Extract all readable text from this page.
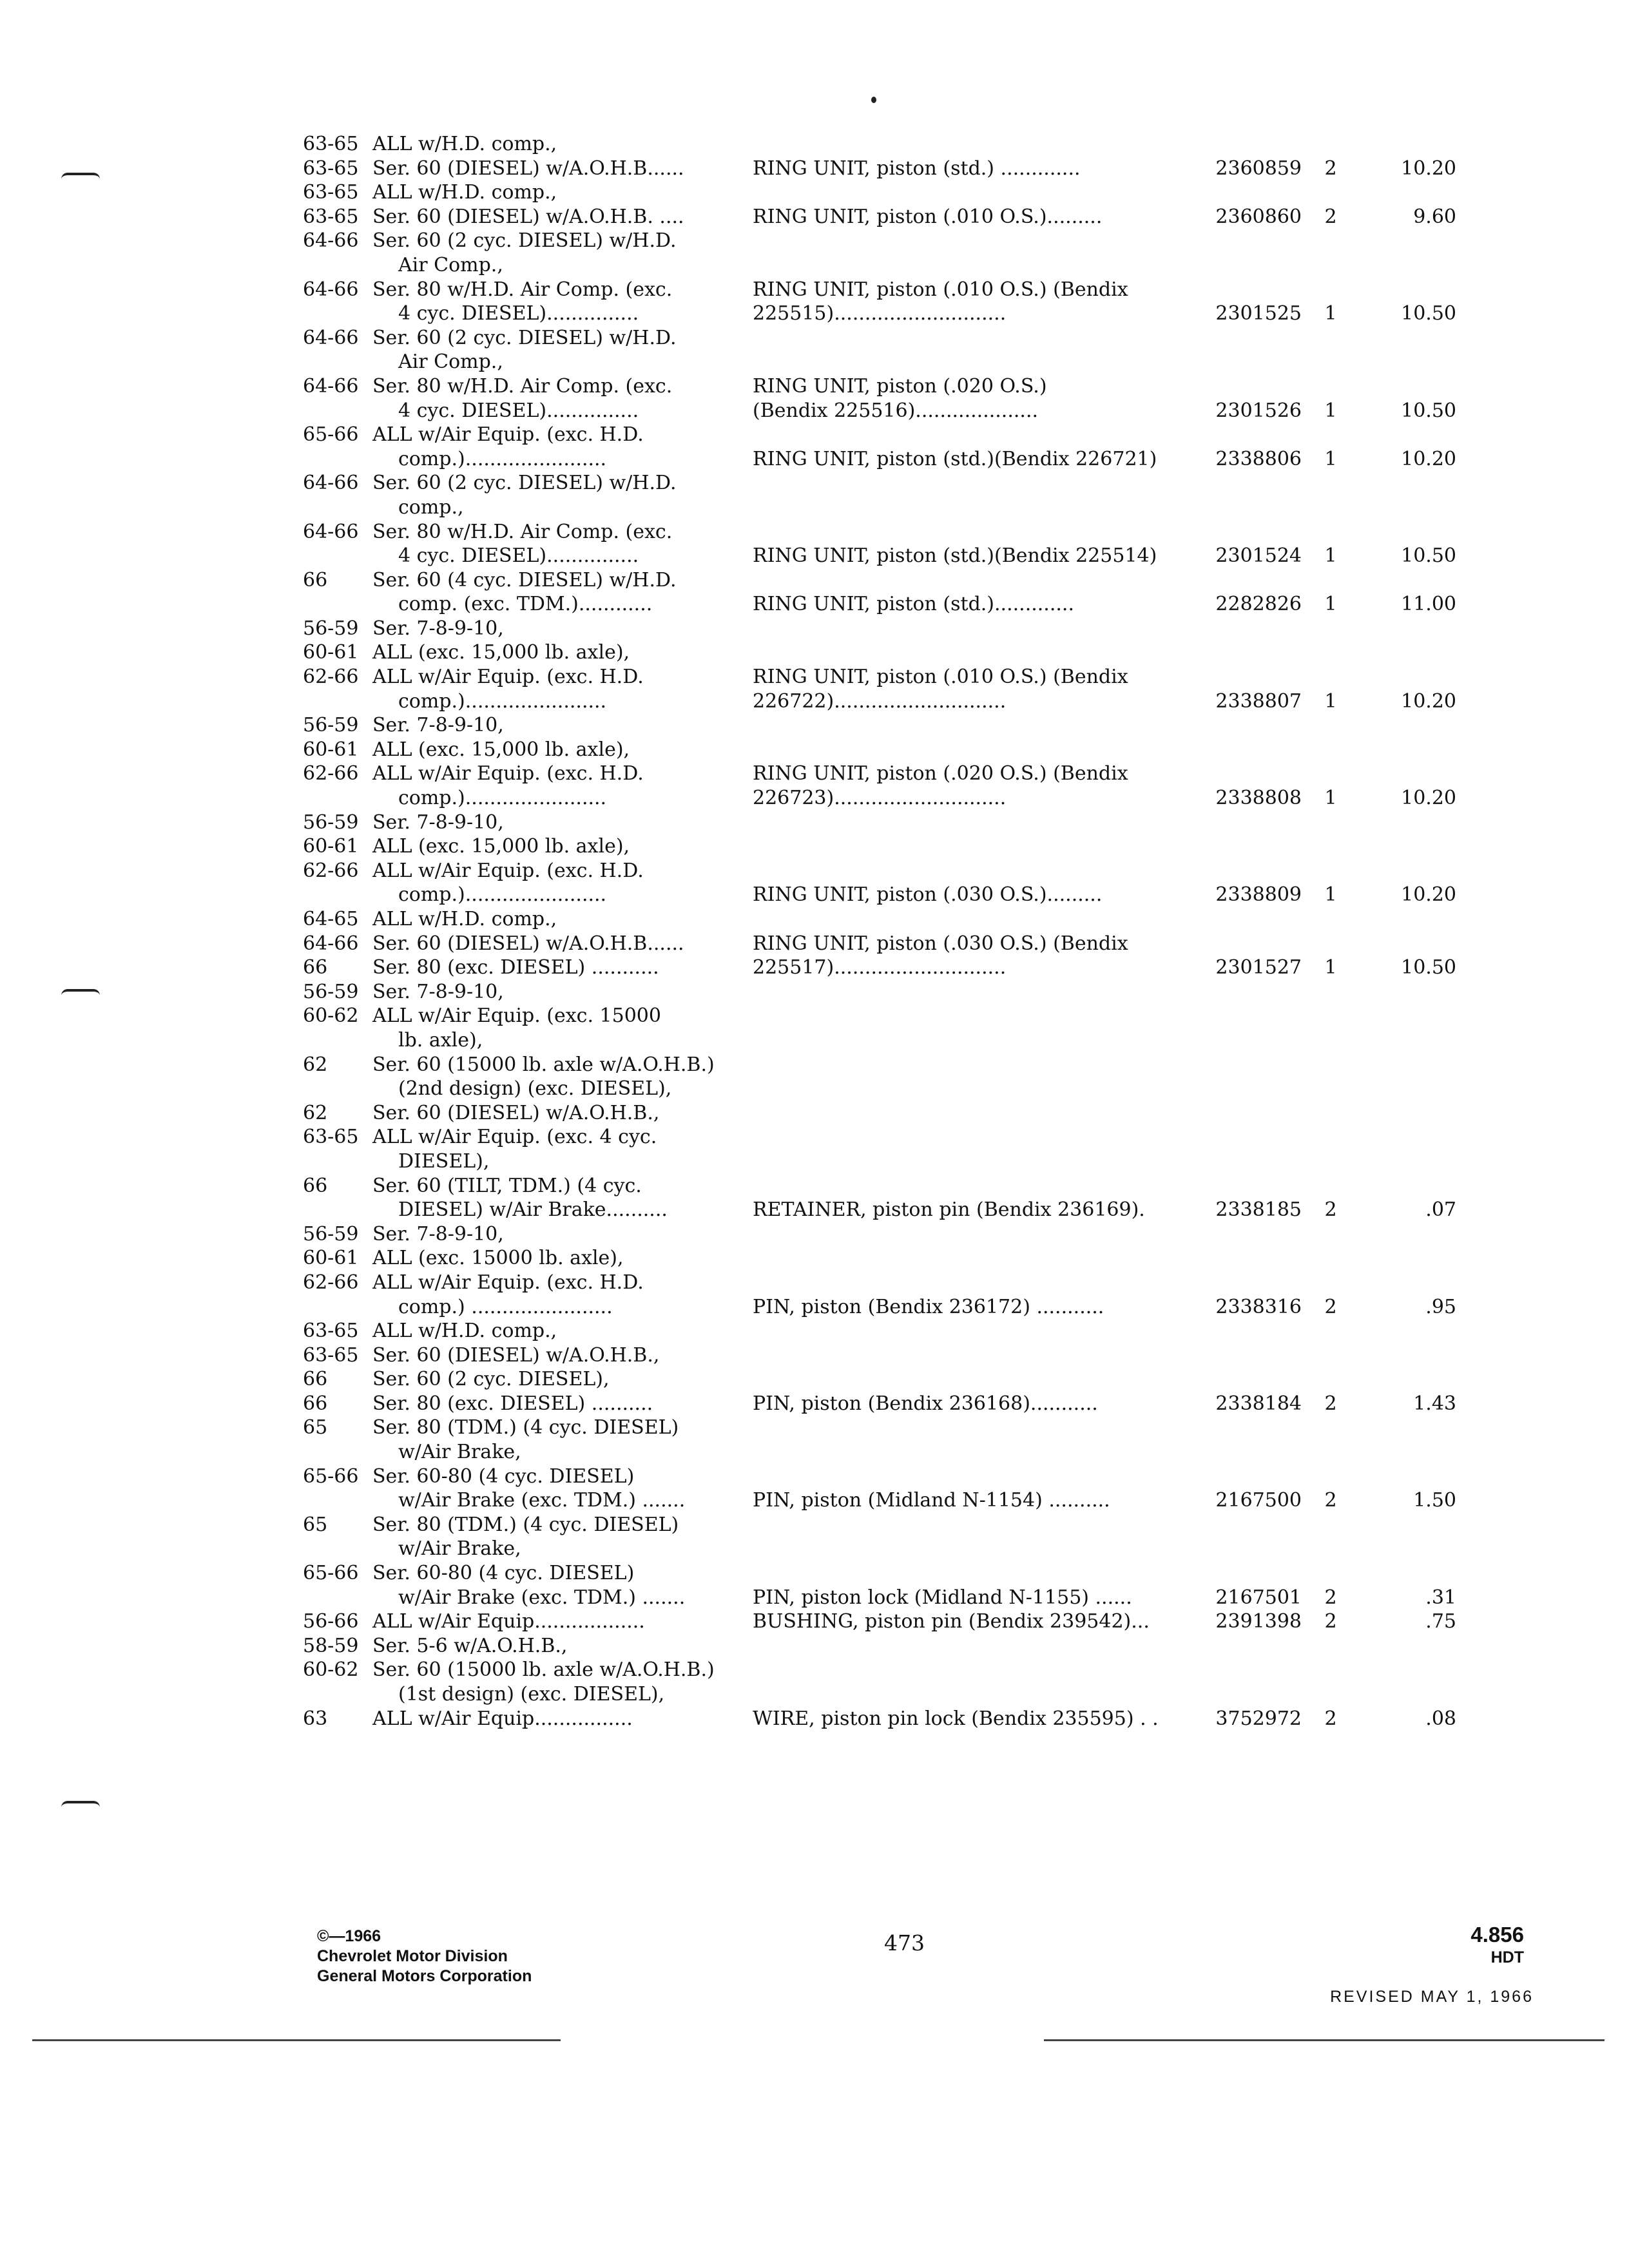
63-65 ALL w/H.D. comp.,
63-65 Ser. 60 (DIESEL) w/A.O.H.B......	RING UNIT, piston (std.) .............	2360859	2	10.20
63-65 ALL w/H.D. comp.,
63-65 Ser. 60 (DIESEL) w/A.O.H.B. ....	RING UNIT, piston (.010 O.S.).........	2360860	2	9.60
64-66 Ser. 60 (2 cyc. DIESEL) w/H.D.
Air Comp.,
64-66 Ser. 80 w/H.D. Air Comp. (exc.	RING UNIT, piston (.010 O.S.) (Bendix
4 cyc. DIESEL)...............	225515)............................	2301525	1	10.50
64-66 Ser. 60 (2 cyc. DIESEL) w/H.D.
Air Comp.,
64-66 Ser. 80 w/H.D. Air Comp. (exc.	RING UNIT, piston (.020 O.S.)
4 cyc. DIESEL)...............	(Bendix 225516)....................	2301526	1	10.50
65-66 ALL w/Air Equip. (exc. H.D.
comp.).......................	RING UNIT, piston (std.)(Bendix 226721)	2338806	1	10.20
64-66 Ser. 60 (2 cyc. DIESEL) w/H.D.
comp.,
64-66 Ser. 80 w/H.D. Air Comp. (exc.
4 cyc. DIESEL)...............	RING UNIT, piston (std.)(Bendix 225514)	2301524	1	10.50
66 Ser. 60 (4 cyc. DIESEL) w/H.D.
comp. (exc. TDM.)............	RING UNIT, piston (std.).............	2282826	1	11.00
56-59 Ser. 7-8-9-10,
60-61 ALL (exc. 15,000 lb. axle),
62-66 ALL w/Air Equip. (exc. H.D.	RING UNIT, piston (.010 O.S.) (Bendix
comp.).......................	226722)............................	2338807	1	10.20
56-59 Ser. 7-8-9-10,
60-61 ALL (exc. 15,000 lb. axle),
62-66 ALL w/Air Equip. (exc. H.D.	RING UNIT, piston (.020 O.S.) (Bendix
comp.).......................	226723)............................	2338808	1	10.20
56-59 Ser. 7-8-9-10,
60-61 ALL (exc. 15,000 lb. axle),
62-66 ALL w/Air Equip. (exc. H.D.
comp.).......................	RING UNIT, piston (.030 O.S.).........	2338809	1	10.20
64-65 ALL w/H.D. comp.,
64-66 Ser. 60 (DIESEL) w/A.O.H.B......	RING UNIT, piston (.030 O.S.) (Bendix
66 Ser. 80 (exc. DIESEL) ...........	225517)............................	2301527	1	10.50
56-59 Ser. 7-8-9-10,
60-62 ALL w/Air Equip. (exc. 15000
lb. axle),
62 Ser. 60 (15000 lb. axle w/A.O.H.B.)
(2nd design) (exc. DIESEL),
62 Ser. 60 (DIESEL) w/A.O.H.B.,
63-65 ALL w/Air Equip. (exc. 4 cyc.
DIESEL),
66 Ser. 60 (TILT, TDM.) (4 cyc.
DIESEL) w/Air Brake..........	RETAINER, piston pin (Bendix 236169).	2338185	2	.07
56-59 Ser. 7-8-9-10,
60-61 ALL (exc. 15000 lb. axle),
62-66 ALL w/Air Equip. (exc. H.D.
comp.) .......................	PIN, piston (Bendix 236172) ...........	2338316	2	.95
63-65 ALL w/H.D. comp.,
63-65 Ser. 60 (DIESEL) w/A.O.H.B.,
66 Ser. 60 (2 cyc. DIESEL),
66 Ser. 80 (exc. DIESEL) ..........	PIN, piston (Bendix 236168)...........	2338184	2	1.43
65 Ser. 80 (TDM.) (4 cyc. DIESEL)
w/Air Brake,
65-66 Ser. 60-80 (4 cyc. DIESEL)
w/Air Brake (exc. TDM.) .......	PIN, piston (Midland N-1154) ..........	2167500	2	1.50
65 Ser. 80 (TDM.) (4 cyc. DIESEL)
w/Air Brake,
65-66 Ser. 60-80 (4 cyc. DIESEL)
w/Air Brake (exc. TDM.) .......	PIN, piston lock (Midland N-1155) ......	2167501	2	.31
56-66 ALL w/Air Equip..................	BUSHING, piston pin (Bendix 239542)...	2391398	2	.75
58-59 Ser. 5-6 w/A.O.H.B.,
60-62 Ser. 60 (15000 lb. axle w/A.O.H.B.)
(1st design) (exc. DIESEL),
63 ALL w/Air Equip................	WIRE, piston pin lock (Bendix 235595) . .	3752972	2	.08
©—1966
Chevrolet Motor Division
General Motors Corporation
473	4.856
HDT
REVISED MAY 1, 1966
